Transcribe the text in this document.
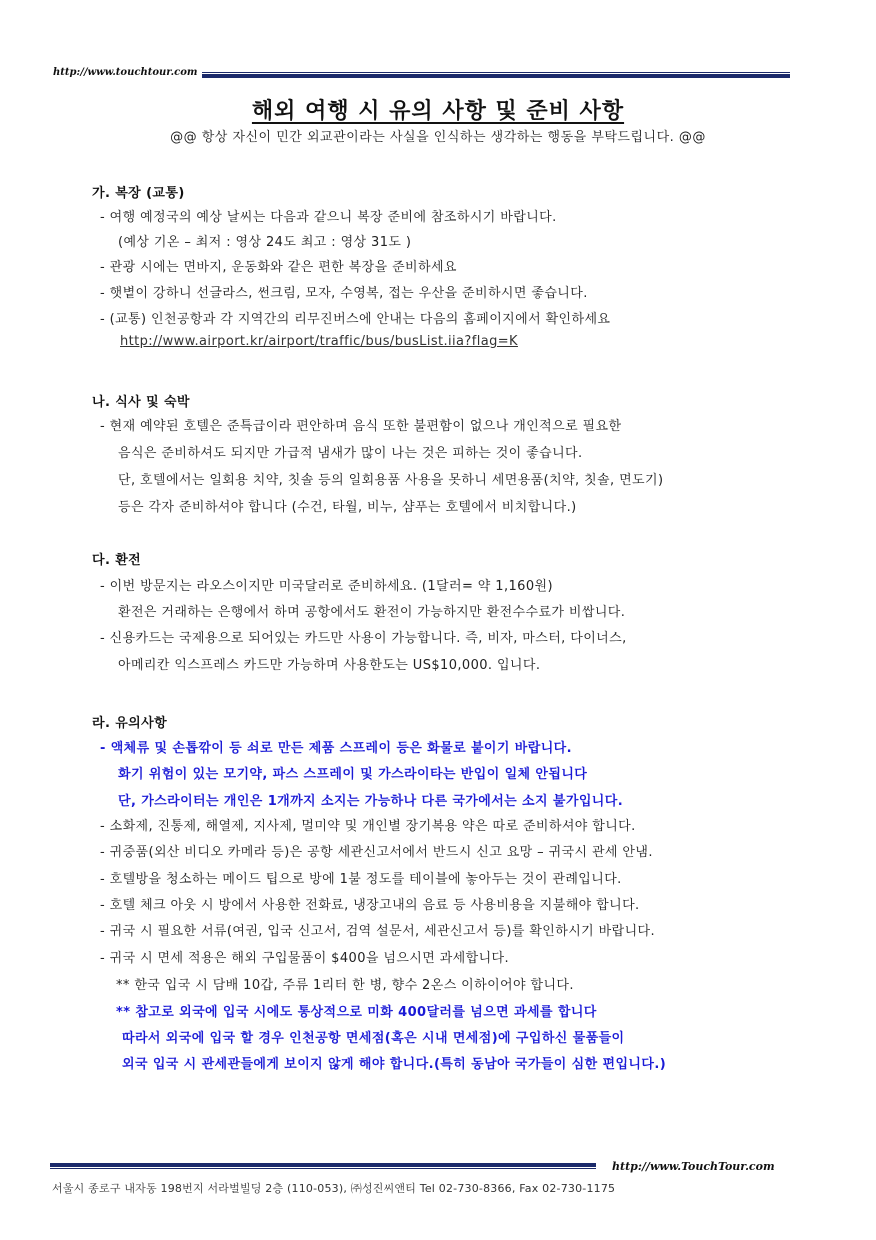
http://www.touchtour.com
해외 여행 시 유의 사항 및 준비 사항
@@ 항상 자신이 민간 외교관이라는 사실을 인식하는 생각하는 행동을 부탁드립니다. @@
가. 복장 (교통)
- 여행 예정국의 예상 날씨는 다음과 같으니 복장 준비에 참조하시기 바랍니다.
(예상 기온 – 최저 : 영상 24도 최고 : 영상 31도 )
- 관광 시에는 면바지, 운동화와 같은 편한 복장을 준비하세요
- 햇볕이 강하니 선글라스, 썬크림, 모자, 수영복, 접는 우산을 준비하시면 좋습니다.
- (교통) 인천공항과 각 지역간의 리무진버스에 안내는 다음의 홈페이지에서 확인하세요
http://www.airport.kr/airport/traffic/bus/busList.iia?flag=K
나. 식사 및 숙박
- 현재 예약된 호텔은 준특급이라 편안하며 음식 또한 불편함이 없으나 개인적으로 필요한
음식은 준비하셔도 되지만 가급적 냄새가 많이 나는 것은 피하는 것이 좋습니다.
단, 호텔에서는 일회용 치약, 칫솔 등의 일회용품 사용을 못하니 세면용품(치약, 칫솔, 면도기)
등은 각자 준비하셔야 합니다 (수건, 타월, 비누, 샴푸는 호텔에서 비치합니다.)
다. 환전
- 이번 방문지는 라오스이지만 미국달러로 준비하세요. (1달러= 약 1,160원)
환전은 거래하는 은행에서 하며 공항에서도 환전이 가능하지만 환전수수료가 비쌉니다.
- 신용카드는 국제용으로 되어있는 카드만 사용이 가능합니다. 즉, 비자, 마스터, 다이너스,
아메리칸 익스프레스 카드만 가능하며 사용한도는 US$10,000. 입니다.
라. 유의사항
- 액체류 및 손톱깎이 등 쇠로 만든 제품 스프레이 등은 화물로 붙이기 바랍니다.
화기 위험이 있는 모기약, 파스 스프레이 및 가스라이타는 반입이 일체 안됩니다
단, 가스라이터는 개인은 1개까지 소지는 가능하나 다른 국가에서는 소지 불가입니다.
- 소화제, 진통제, 해열제, 지사제, 멀미약 및 개인별 장기복용 약은 따로 준비하셔야 합니다.
- 귀중품(외산 비디오 카메라 등)은 공항 세관신고서에서 반드시 신고 요망 – 귀국시 관세 안냄.
- 호텔방을 청소하는 메이드 팁으로 방에 1불 정도를 테이블에 놓아두는 것이 관례입니다.
- 호텔 체크 아웃 시 방에서 사용한 전화료, 냉장고내의 음료 등 사용비용을 지불해야 합니다.
- 귀국 시 필요한 서류(여권, 입국 신고서, 검역 설문서, 세관신고서 등)를 확인하시기 바랍니다.
- 귀국 시 면세 적용은 해외 구입물품이 $400을 넘으시면 과세합니다.
** 한국 입국 시 담배 10갑, 주류 1리터 한 병, 향수 2온스 이하이어야 합니다.
** 참고로 외국에 입국 시에도 통상적으로 미화 400달러를 넘으면 과세를 합니다
따라서 외국에 입국 할 경우 인천공항 면세점(혹은 시내 면세점)에 구입하신 물품들이
외국 입국 시 관세관들에게 보이지 않게 해야 합니다.(특히 동남아 국가들이 심한 편입니다.)
http://www.TouchTour.com
서울시 종로구 내자동 198번지 서라벌빌딩 2층 (110-053), ㈜성진씨앤티 Tel 02-730-8366, Fax 02-730-1175
